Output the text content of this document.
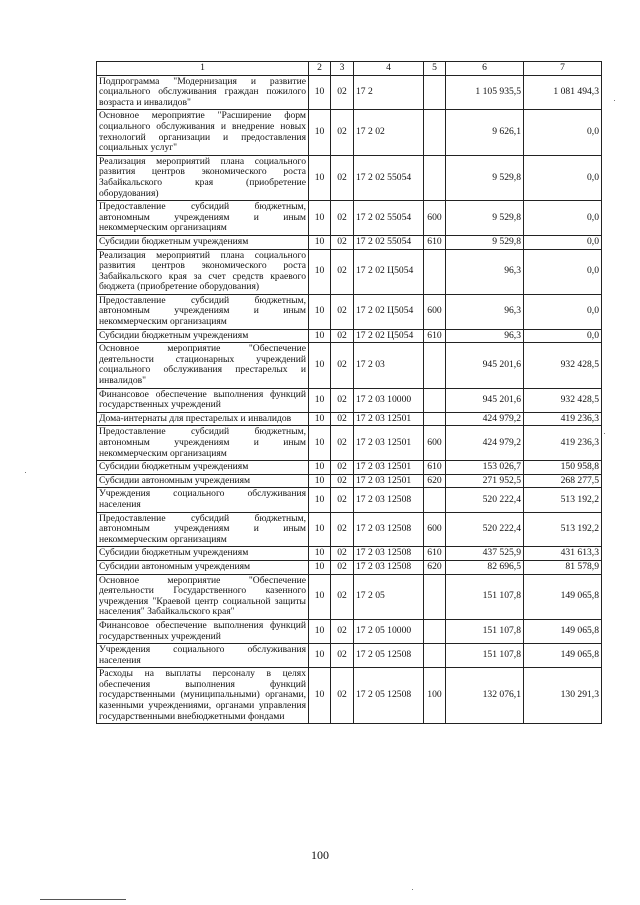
1	2	3	4	5	6	7
Подпрограмма "Модернизация и развитие социального обслуживания граждан пожилого возраста и инвалидов"	10	02	17 2		1 105 935,5	1 081 494,3
Основное мероприятие "Расширение форм социального обслуживания и внедрение новых технологий организации и предоставления социальных услуг"	10	02	17 2 02		9 626,1	0,0
Реализация мероприятий плана социального развития центров экономического роста Забайкальского края (приобретение оборудования)	10	02	17 2 02 55054		9 529,8	0,0
Предоставление субсидий бюджетным, автономным учреждениям и иным некоммерческим организациям	10	02	17 2 02 55054	600	9 529,8	0,0
Субсидии бюджетным учреждениям	10	02	17 2 02 55054	610	9 529,8	0,0
Реализация мероприятий плана социального развития центров экономического роста Забайкальского края за счет средств краевого бюджета (приобретение оборудования)	10	02	17 2 02 Ц5054		96,3	0,0
Предоставление субсидий бюджетным, автономным учреждениям и иным некоммерческим организациям	10	02	17 2 02 Ц5054	600	96,3	0,0
Субсидии бюджетным учреждениям	10	02	17 2 02 Ц5054	610	96,3	0,0
Основное мероприятие "Обеспечение деятельности стационарных учреждений социального обслуживания престарелых и инвалидов"	10	02	17 2 03		945 201,6	932 428,5
Финансовое обеспечение выполнения функций государственных учреждений	10	02	17 2 03 10000		945 201,6	932 428,5
Дома-интернаты для престарелых и инвалидов	10	02	17 2 03 12501		424 979,2	419 236,3
Предоставление субсидий бюджетным, автономным учреждениям и иным некоммерческим организациям	10	02	17 2 03 12501	600	424 979,2	419 236,3
Субсидии бюджетным учреждениям	10	02	17 2 03 12501	610	153 026,7	150 958,8
Субсидии автономным учреждениям	10	02	17 2 03 12501	620	271 952,5	268 277,5
Учреждения социального обслуживания населения	10	02	17 2 03 12508		520 222,4	513 192,2
Предоставление субсидий бюджетным, автономным учреждениям и иным некоммерческим организациям	10	02	17 2 03 12508	600	520 222,4	513 192,2
Субсидии бюджетным учреждениям	10	02	17 2 03 12508	610	437 525,9	431 613,3
Субсидии автономным учреждениям	10	02	17 2 03 12508	620	82 696,5	81 578,9
Основное мероприятие "Обеспечение деятельности Государственного казенного учреждения "Краевой центр социальной защиты населения" Забайкальского края"	10	02	17 2 05		151 107,8	149 065,8
Финансовое обеспечение выполнения функций государственных учреждений	10	02	17 2 05 10000		151 107,8	149 065,8
Учреждения социального обслуживания населения	10	02	17 2 05 12508		151 107,8	149 065,8
Расходы на выплаты персоналу в целях обеспечения выполнения функций государственными (муниципальными) органами, казенными учреждениями, органами управления государственными внебюджетными фондами	10	02	17 2 05 12508	100	132 076,1	130 291,3
100
